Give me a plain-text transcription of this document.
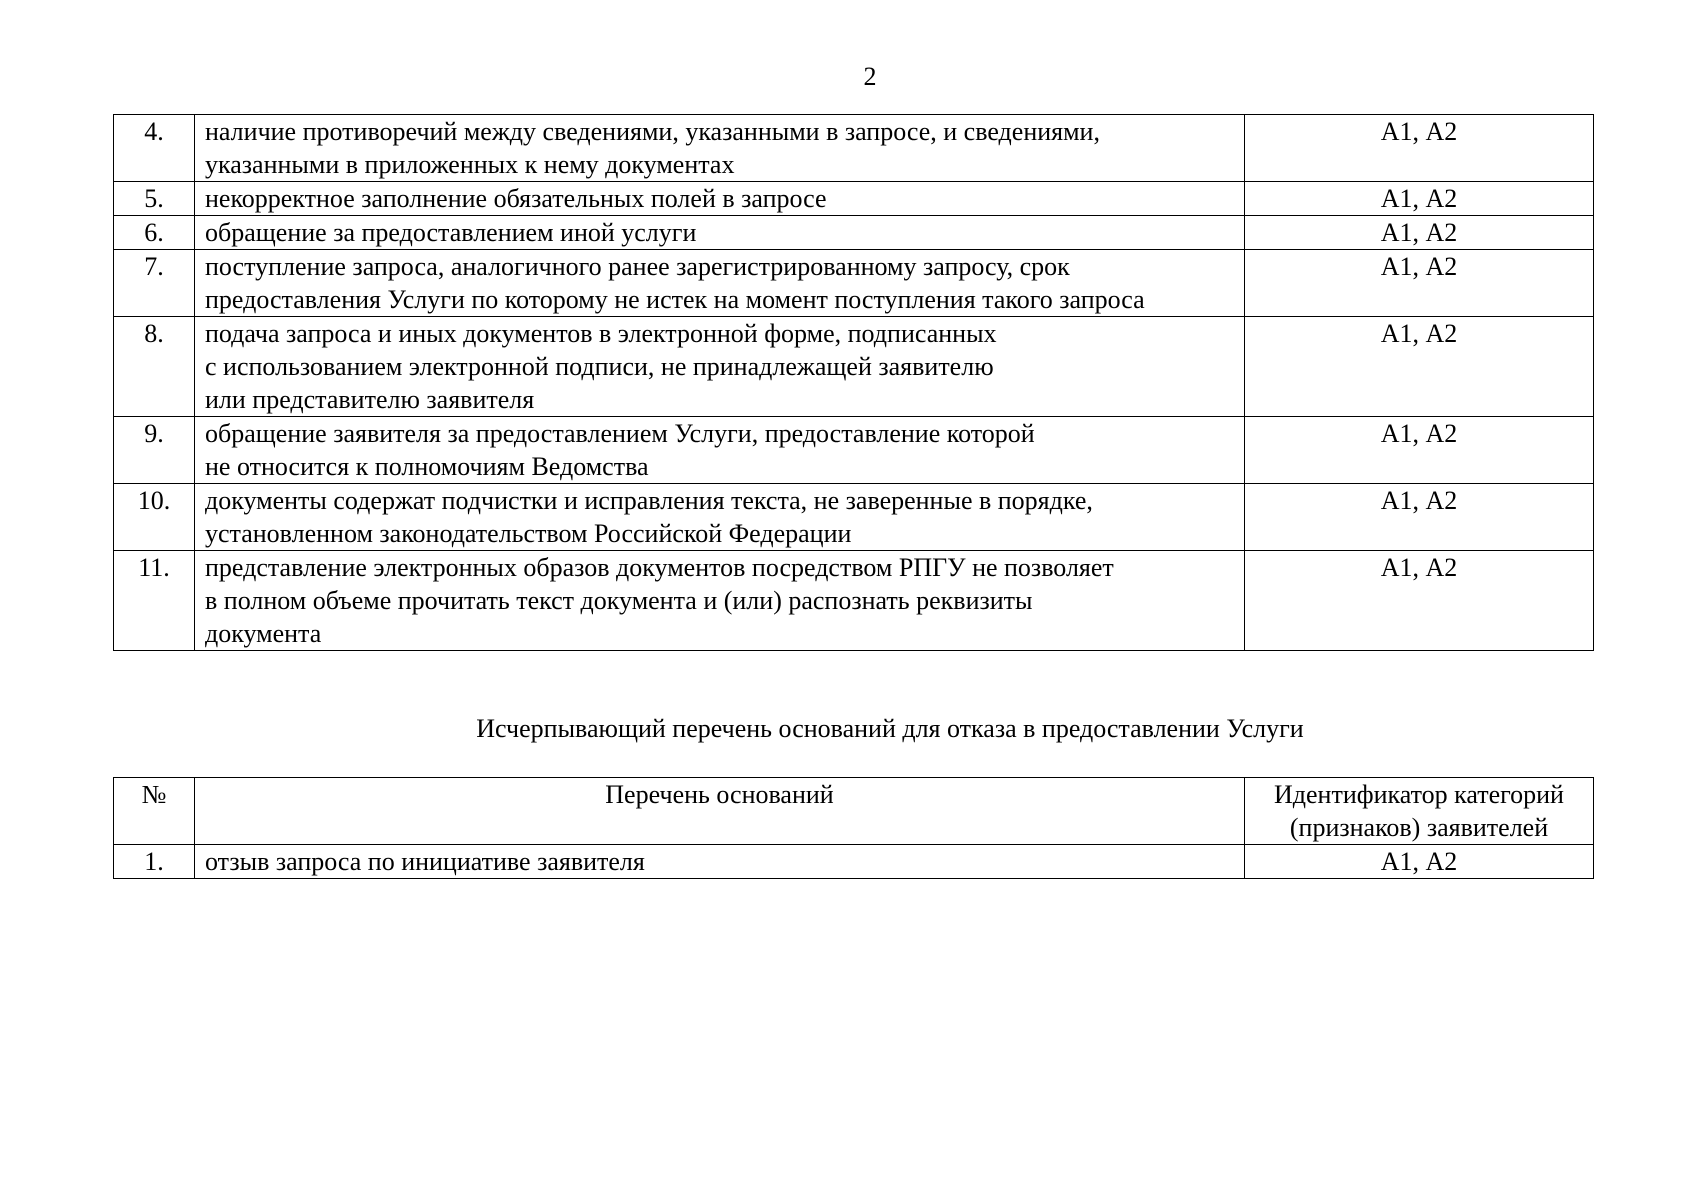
2
4.	наличие противоречий между сведениями, указанными в запросе, и сведениями,
указанными в приложенных к нему документах	А1, А2
5.	некорректное заполнение обязательных полей в запросе	А1, А2
6.	обращение за предоставлением иной услуги	А1, А2
7.	поступление запроса, аналогичного ранее зарегистрированному запросу, срок
предоставления Услуги по которому не истек на момент поступления такого запроса	А1, А2
8.	подача запроса и иных документов в электронной форме, подписанных
с использованием электронной подписи, не принадлежащей заявителю
или представителю заявителя	А1, А2
9.	обращение заявителя за предоставлением Услуги, предоставление которой
не относится к полномочиям Ведомства	А1, А2
10.	документы содержат подчистки и исправления текста, не заверенные в порядке,
установленном законодательством Российской Федерации	А1, А2
11.	представление электронных образов документов посредством РПГУ не позволяет
в полном объеме прочитать текст документа и (или) распознать реквизиты
документа	А1, А2
Исчерпывающий перечень оснований для отказа в предоставлении Услуги
№	Перечень оснований	Идентификатор категорий
(признаков) заявителей

1.	отзыв запроса по инициативе заявителя	А1, А2
